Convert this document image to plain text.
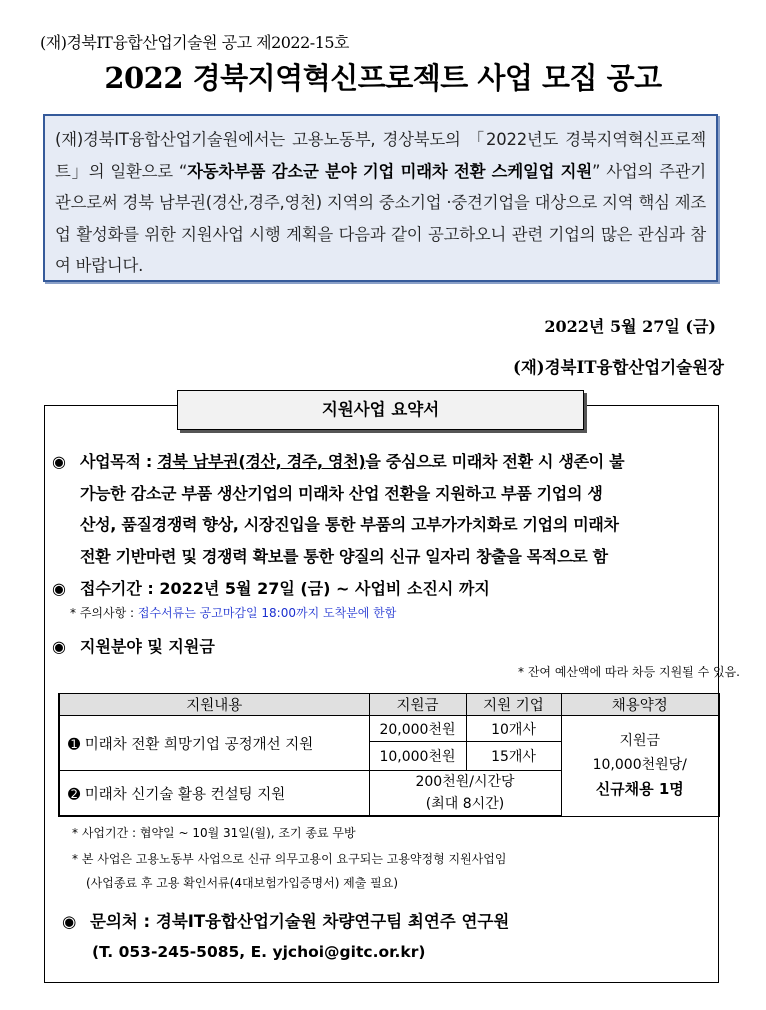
(재)경북IT융합산업기술원 공고 제2022-15호
2022 경북지역혁신프로젝트 사업 모집 공고
(재)경북IT융합산업기술원에서는 고용노동부, 경상북도의 「2022년도 경북지역혁신프로젝트」의 일환으로 “자동차부품 감소군 분야 기업 미래차 전환 스케일업 지원” 사업의 주관기관으로써 경북 남부권(경산,경주,영천) 지역의 중소기업 ·중견기업을 대상으로 지역 핵심 제조업 활성화를 위한 지원사업 시행 계획을 다음과 같이 공고하오니 관련 기업의 많은 관심과 참여 바랍니다.
2022년 5월 27일 (금)
(재)경북IT융합산업기술원장
지원사업 요약서
◉ 사업목적 : 경북 남부권(경산, 경주, 영천)을 중심으로 미래차 전환 시 생존이 불
가능한 감소군 부품 생산기업의 미래차 산업 전환을 지원하고 부품 기업의 생
산성, 품질경쟁력 향상, 시장진입을 통한 부품의 고부가가치화로 기업의 미래차
전환 기반마련 및 경쟁력 확보를 통한 양질의 신규 일자리 창출을 목적으로 함
◉ 접수기간 : 2022년 5월 27일 (금) ~ 사업비 소진시 까지
* 주의사항 : 접수서류는 공고마감일 18:00까지 도착분에 한함
◉ 지원분야 및 지원금
* 잔여 예산액에 따라 차등 지원될 수 있음.
지원내용	지원금	지원 기업	채용약정
➊ 미래차 전환 희망기업 공정개선 지원	20,000천원	10개사	지원금
10,000천원당/
신규채용 1명
	10,000천원	15개사	
➋ 미래차 신기술 활용 컨설팅 지원	200천원/시간당
(최대 8시간)		
* 사업기간 : 협약일 ~ 10월 31일(월), 조기 종료 무방
* 본 사업은 고용노동부 사업으로 신규 의무고용이 요구되는 고용약정형 지원사업임
(사업종료 후 고용 확인서류(4대보험가입증명서) 제출 필요)
◉ 문의처 : 경북IT융합산업기술원 차량연구팀 최연주 연구원
(T. 053-245-5085, E. yjchoi@gitc.or.kr)
